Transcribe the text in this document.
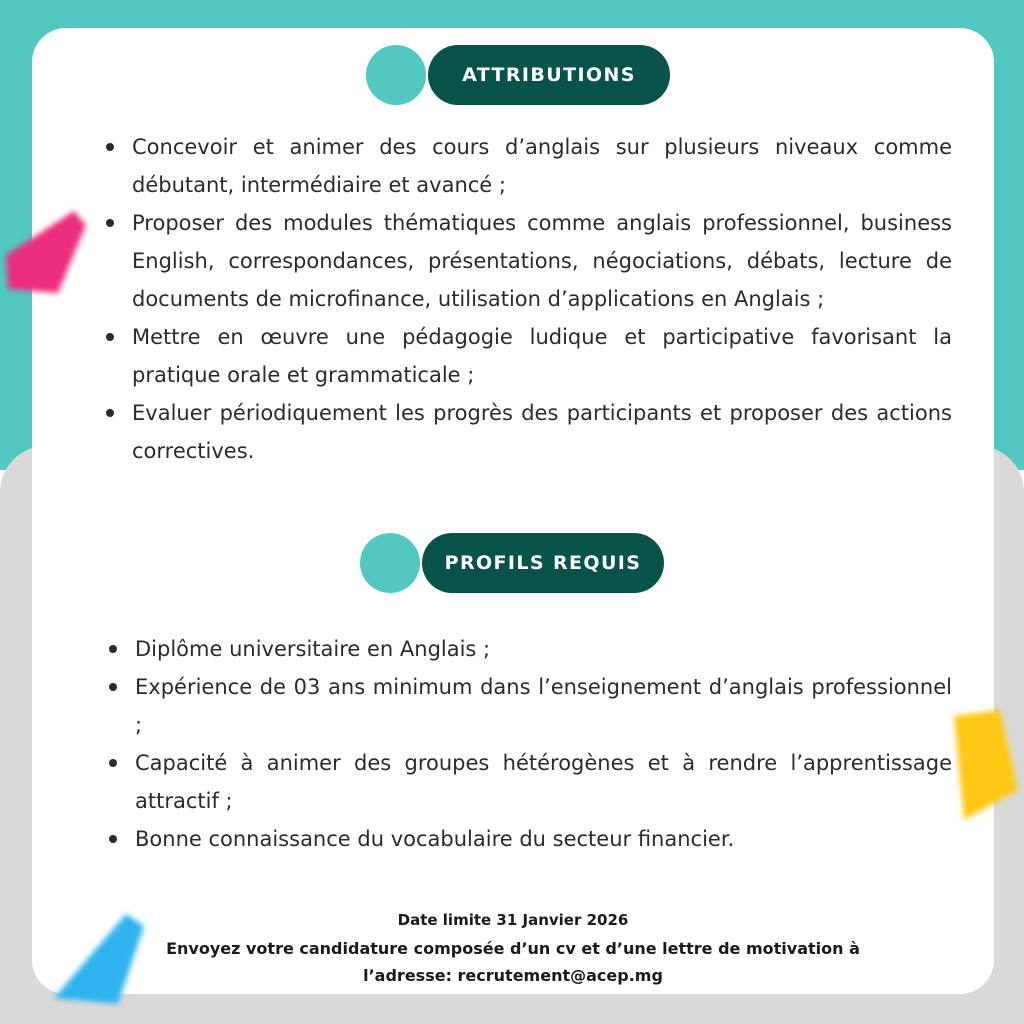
ATTRIBUTIONS
Concevoir et animer des cours d’anglais sur plusieurs niveaux comme débutant, intermédiaire et avancé ;
Proposer des modules thématiques comme anglais professionnel, business English, correspondances, présentations, négociations, débats, lecture de documents de microfinance, utilisation d’applications en Anglais ;
Mettre en œuvre une pédagogie ludique et participative favorisant la pratique orale et grammaticale ;
Evaluer périodiquement les progrès des participants et proposer des actions correctives.
PROFILS REQUIS
Diplôme universitaire en Anglais ;
Expérience de 03 ans minimum dans l’enseignement d’anglais professionnel ;
Capacité à animer des groupes hétérogènes et à rendre l’apprentissage attractif ;
Bonne connaissance du vocabulaire du secteur financier.
Date limite 31 Janvier 2026
Envoyez votre candidature composée d’un cv et d’une lettre de motivation à
l’adresse: recrutement@acep.mg
